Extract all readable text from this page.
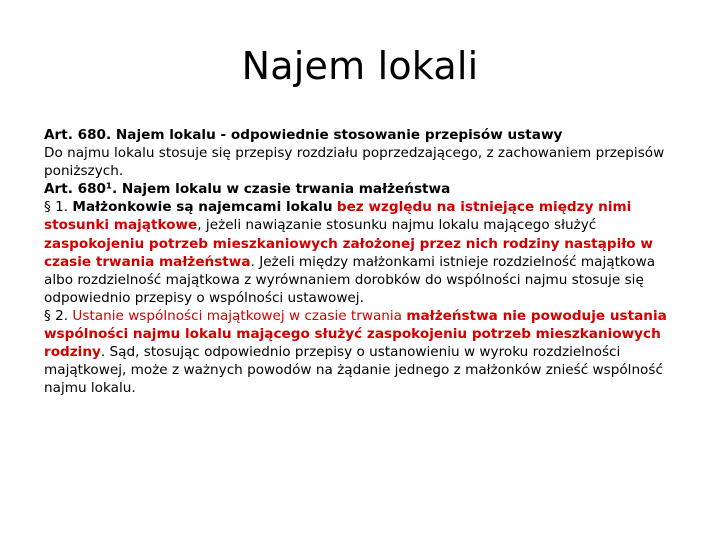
Najem lokali

Art. 680. Najem lokalu - odpowiednie stosowanie przepisów ustawy

Do najmu lokalu stosuje się przepisy rozdziału poprzedzającego, z zachowaniem przepisów poniższych.

Art. 680¹. Najem lokalu w czasie trwania małżeństwa

§ 1. Małżonkowie są najemcami lokalu bez względu na istniejące między nimi stosunki majątkowe, jeżeli nawiązanie stosunku najmu lokalu mającego służyć zaspokojeniu potrzeb mieszkaniowych założonej przez nich rodziny nastąpiło w czasie trwania małżeństwa. Jeżeli między małżonkami istnieje rozdzielność majątkowa albo rozdzielność majątkowa z wyrównaniem dorobków do wspólności najmu stosuje się odpowiednio przepisy o wspólności ustawowej.

§ 2. Ustanie wspólności majątkowej w czasie trwania małżeństwa nie powoduje ustania wspólności najmu lokalu mającego służyć zaspokojeniu potrzeb mieszkaniowych rodziny. Sąd, stosując odpowiednio przepisy o ustanowieniu w wyroku rozdzielności majątkowej, może z ważnych powodów na żądanie jednego z małżonków znieść wspólność najmu lokalu.
